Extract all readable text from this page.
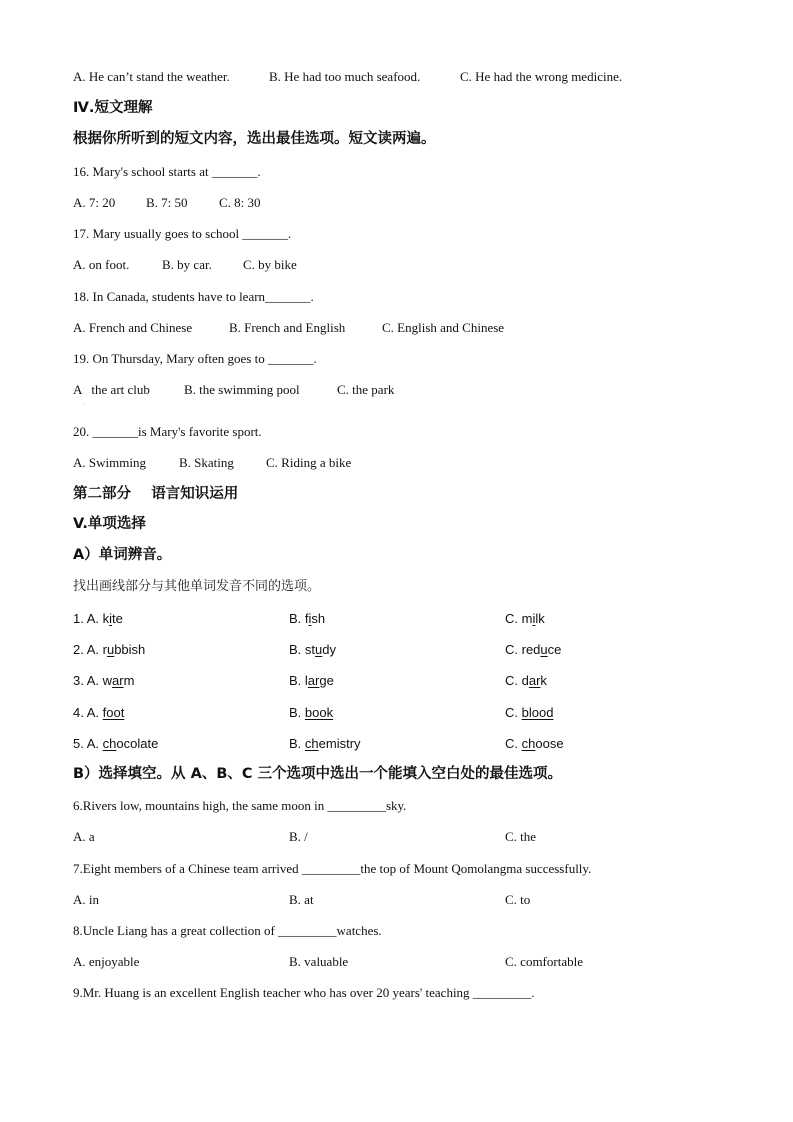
A. He can’t stand the weather.	B. He had too much seafood.	C. He had the wrong medicine.
Ⅳ.短文理解
根据你所听到的短文内容，选出最佳选项。短文读两遍。
16. Mary's school starts at _______.
A. 7: 20 B. 7: 50 C. 8: 30
17. Mary usually goes to school _______.
A. on foot.	B. by car. C. by bike
18. In Canada, students have to learn_______.
A. French and Chinese	B. French and English	C. English and Chinese
19. On Thursday, Mary often goes to _______.
A   the art club	B. the swimming pool	C. the park
.
20. _______is Mary's favorite sport.
A. Swimming	B. Skating C. Riding a bike
第二部分    语言知识运用
V.单项选择
A）单词辨音。
找出画线部分与其他单词发音不同的选项。
1. A. kite	B. fish	C. milk
2. A. rubbish	B. study	C. reduce
3. A. warm	B. large	C. dark
4. A. foot	B. book	C. blood
5. A. chocolate	B. chemistry	C. choose
B）选择填空。从 A、B、C 三个选项中选出一个能填入空白处的最佳选项。
6.Rivers low, mountains high, the same moon in _________sky.
A. a	B. /	C. the
7.Eight members of a Chinese team arrived _________the top of Mount Qomolangma successfully.
A. in	B. at	C. to
8.Uncle Liang has a great collection of _________watches.
A. enjoyable	B. valuable	C. comfortable
9.Mr. Huang is an excellent English teacher who has over 20 years' teaching _________.
